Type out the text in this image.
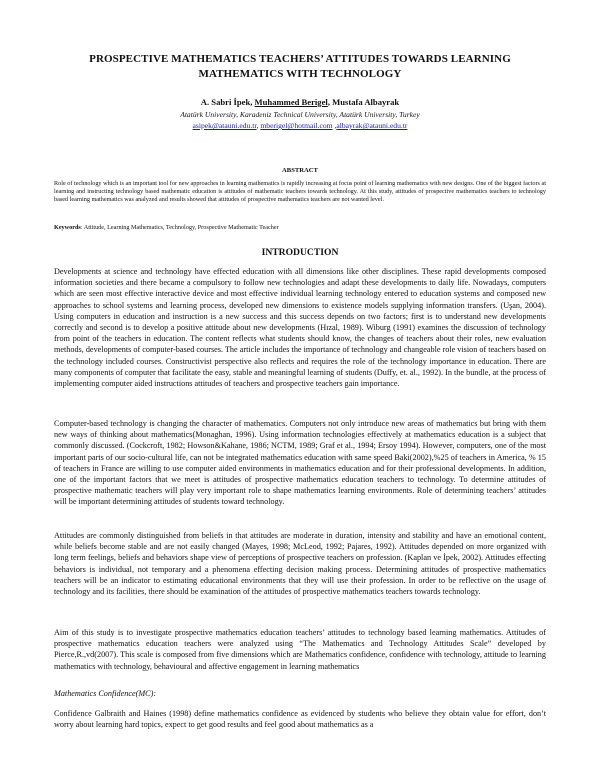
PROSPECTIVE MATHEMATICS TEACHERS’ ATTITUDES TOWARDS LEARNING MATHEMATICS WITH TECHNOLOGY
A. Sabri İpek, Muhammed Berigel, Mustafa Albayrak
Atatürk University, Karadeniz Technical University, Atatürk University, Turkey
asipek@atauni.edu.tr, mberigel@hotmail.com ,albayrak@atauni.edu.tr
ABSTRACT
Role of technology which is an important tool for new approaches in learning mathematics is rapidly increasing at focus point of learning mathematics with new designs. One of the biggest factors at learning and instructing technology based mathematic education is attitudes of mathematic teachers towards technology. At this study, attitudes of prospective mathematics teachers to technology based learning mathematics was analyzed and results showed that attitudes of prospective mathematics teachers are not wanted level.
Keywords: Attitude, Learning Mathematics, Technology, Prospective Mathematic Teacher
INTRODUCTION
Developments at science and technology have effected education with all dimensions like other disciplines. These rapid developments composed information societies and there became a compulsory to follow new technologies and adapt these developments to daily life. Nowadays, computers which are seen most effective interactive device and most effective individual learning technology entered to education systems and composed new approaches to school systems and learning process, developed new dimensions to existence models supplying information transfers. (Uşan, 2004). Using computers in education and instruction is a new success and this success depends on two factors; first is to understand new developments correctly and second is to develop a positive attitude about new developments (Hızal, 1989). Wiburg (1991) examines the discussion of technology from point of the teachers in education. The content reflects what students should know, the changes of teachers about their roles, new evaluation methods, developments of computer-based courses. The article includes the importance of technology and changeable role vision of teachers based on the technology included courses. Constructivist perspective also reflects and requires the role of the technology importance in education. There are many components of computer that facilitate the easy, stable and meaningful learning of students (Duffy, et. al., 1992). In the bundle, at the process of implementing computer aided instructions attitudes of teachers and prospective teachers gain importance.
Computer-based technology is changing the character of mathematics. Computers not only introduce new areas of mathematics but bring with them new ways of thinking about mathematics(Monaghan, 1996). Using information technologies effectively at mathematics education is a subject that commonly discussed. (Cockcroft, 1982; Howson&Kahane, 1986; NCTM, 1989; Graf et al., 1994; Ersoy 1994). However, computers, one of the most important parts of our socio-cultural life, can not be integrated mathematics education with same speed Baki(2002),%25 of teachers in America, % 15 of teachers in France are willing to use computer aided environments in mathematics education and for their professional developments. In addition, one of the important factors that we meet is attitudes of prospective mathematics education teachers to technology. To determine attitudes of prospective mathematic teachers will play very important role to shape mathematics learning environments. Role of determining teachers’ attitudes will be important determining attitudes of students toward technology.
Attitudes are commonly distinguished from beliefs in that attitudes are moderate in duration, intensity and stability and have an emotional content, while beliefs become stable and are not easily changed (Mayes, 1998; McLeod, 1992; Pajares, 1992). Attitudes depended on more organized with long term feelings, beliefs and behaviors shape view of perceptions of prospective teachers on profession. (Kaplan ve İpek, 2002). Attitudes effecting behaviors is individual, not temporary and a phenomena effecting decision making process. Determining attitudes of prospective mathematics teachers will be an indicator to estimating educational environments that they will use their profession. In order to be reflective on the usage of technology and its facilities, there should be examination of the attitudes of prospective mathematics teachers towards technology.
Aim of this study is to investigate prospective mathematics education teachers’ attitudes to technology based learning mathematics. Attitudes of prospective mathematics education teachers were analyzed using “The Mathematics and Technology Attitudes Scale” developed by Pierce,R.,vd(2007). This scale is composed from five dimensions which are Mathematics confidence, confidence with technology, attitude to learning mathematics with technology, behavioural and affective engagement in learning mathematics
Mathematics Confidence(MC):
Confidence Galbraith and Haines (1998) define mathematics confidence as evidenced by students who believe they obtain value for effort, don’t worry about learning hard topics, expect to get good results and feel good about mathematics as a
